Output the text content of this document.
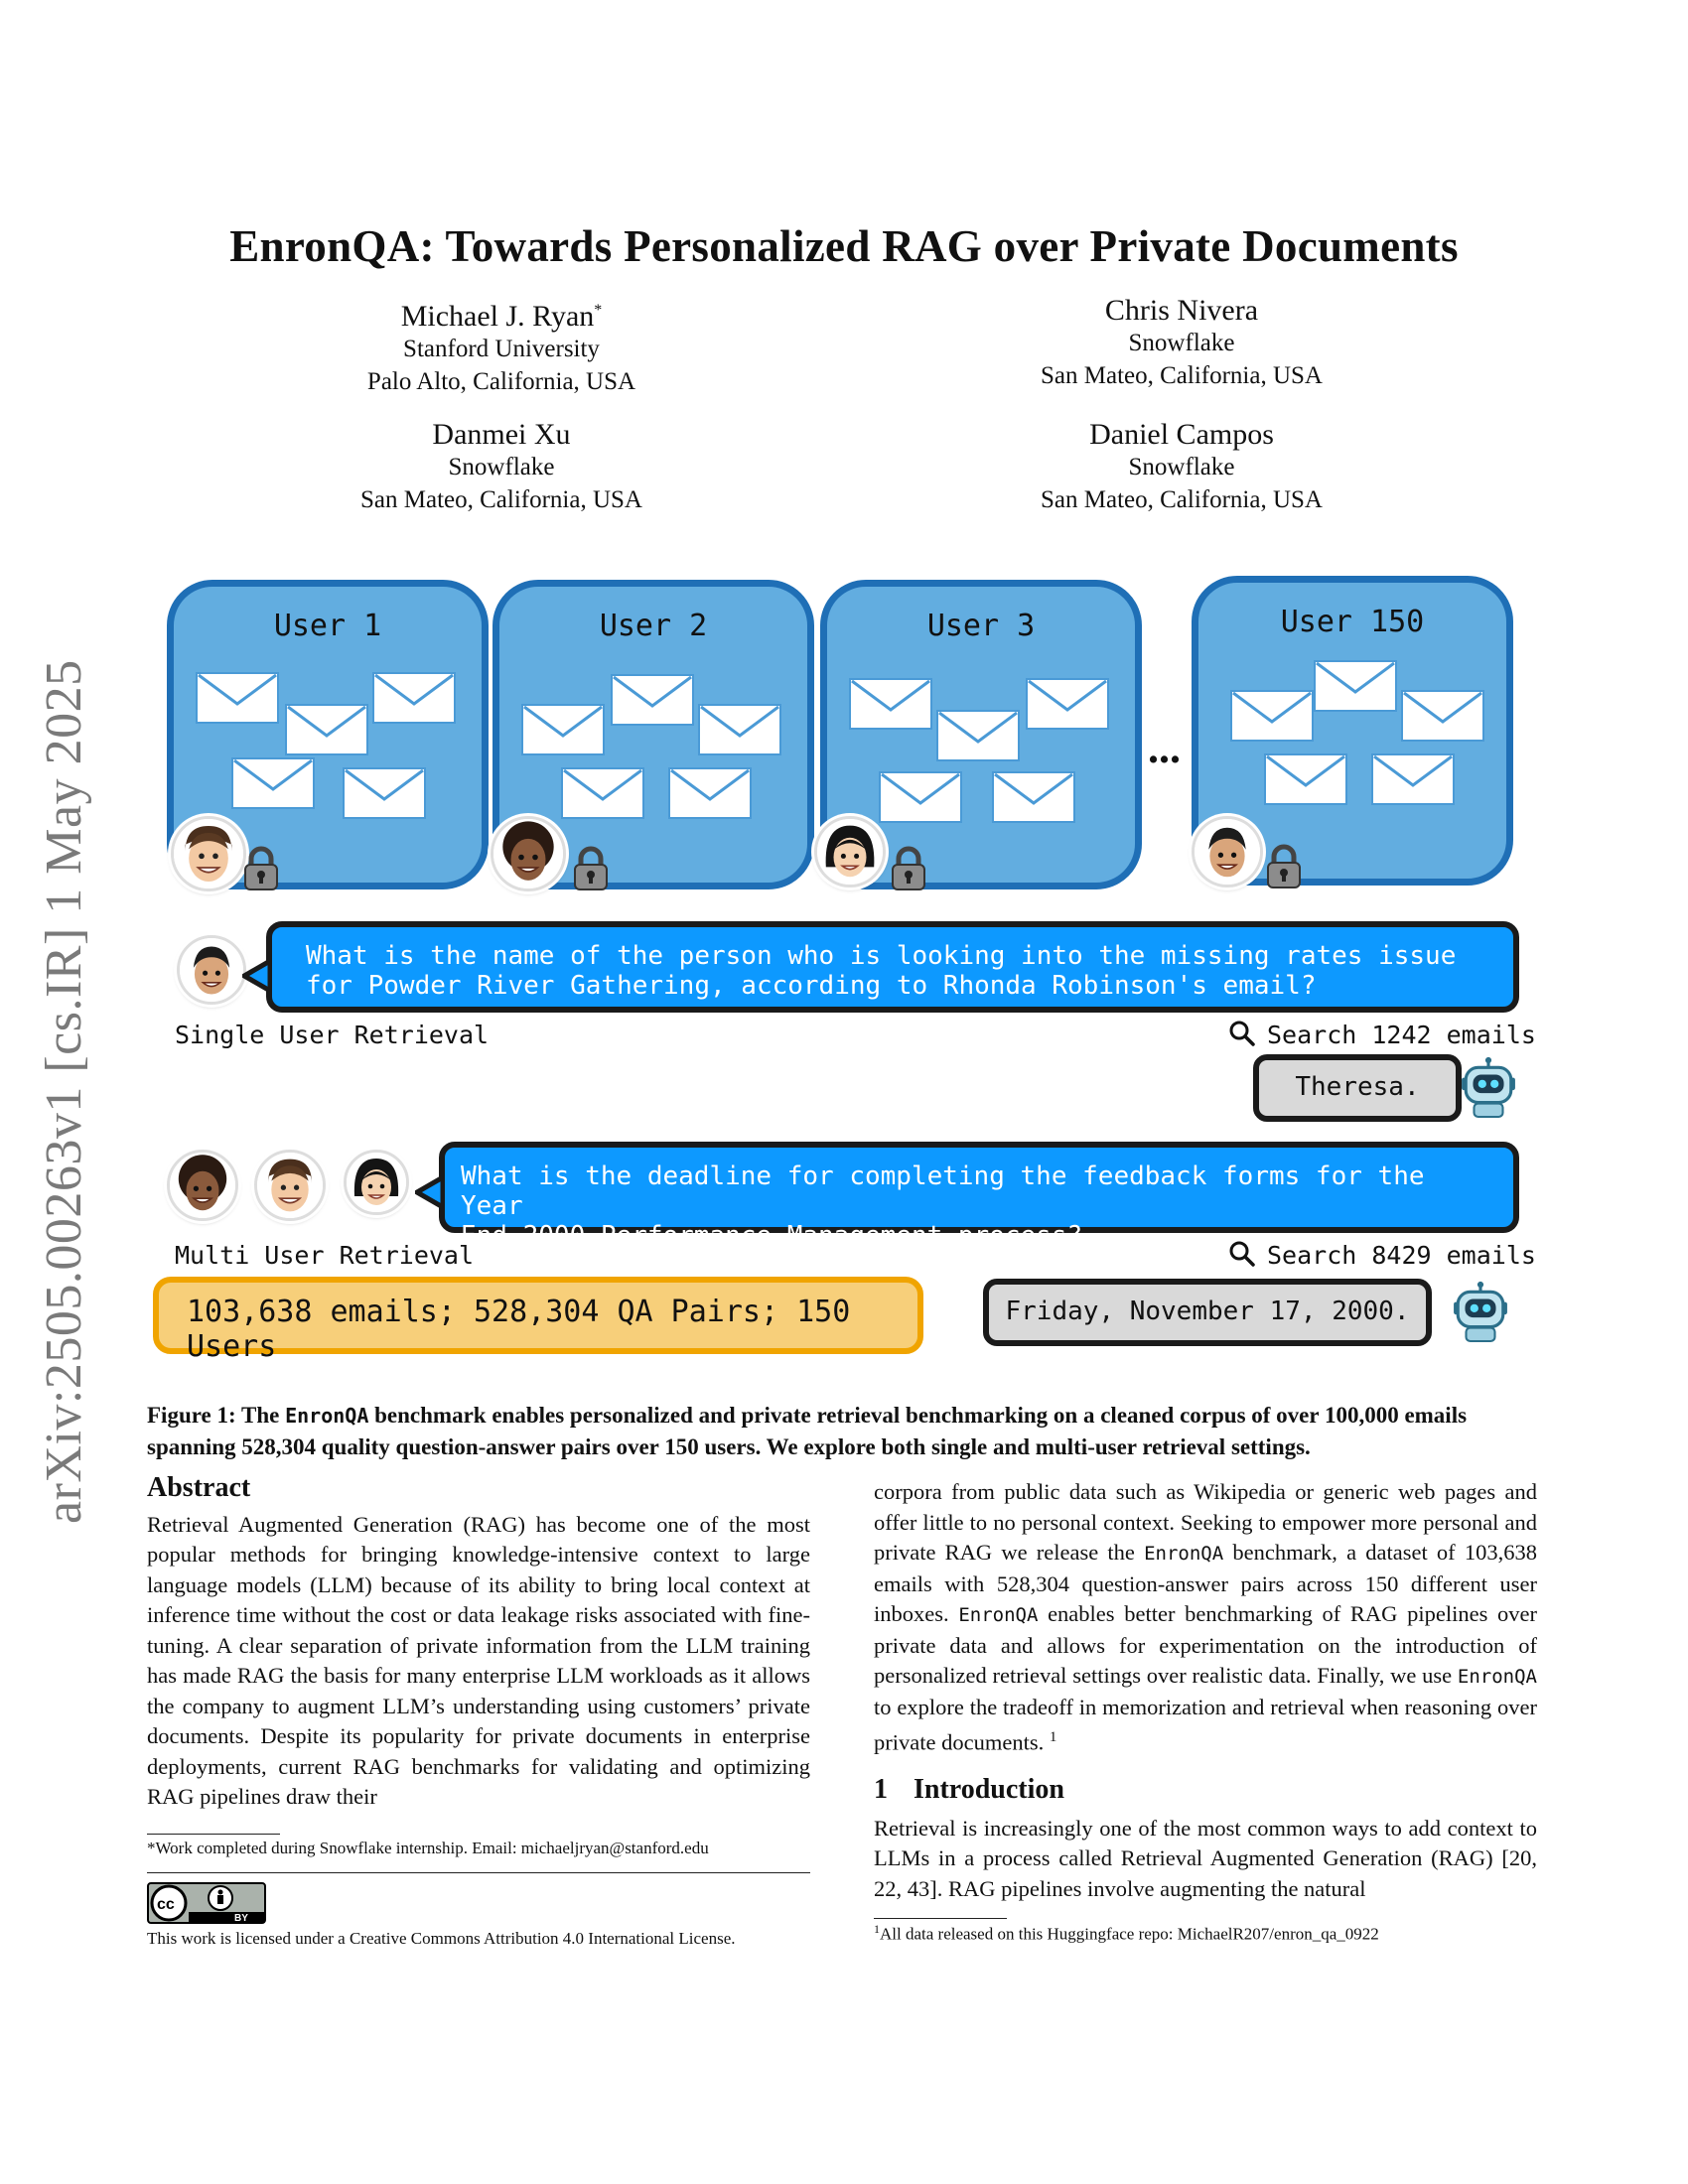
arXiv:2505.00263v1 [cs.IR] 1 May 2025
EnronQA: Towards Personalized RAG over Private Documents
Michael J. Ryan*
Stanford University
Palo Alto, California, USA
Chris Nivera
Snowflake
San Mateo, California, USA
Danmei Xu
Snowflake
San Mateo, California, USA
Daniel Campos
Snowflake
San Mateo, California, USA
User 1	User 2	User 3
...
User 150
What is the name of the person who is looking into the missing rates issue
for Powder River Gathering, according to Rhonda Robinson's email?
Single User Retrieval	Search 1242 emails
Theresa.
What is the deadline for completing the feedback forms for the Year
End 2000 Performance Management process?
Multi User Retrieval	Search 8429 emails
Friday, November 17, 2000.
103,638 emails; 528,304 QA Pairs; 150 Users
Figure 1: The EnronQA benchmark enables personalized and private retrieval benchmarking on a cleaned corpus of over 100,000 emails spanning 528,304 quality question-answer pairs over 150 users. We explore both single and multi-user retrieval settings.
Abstract
Retrieval Augmented Generation (RAG) has become one of the most popular methods for bringing knowledge-intensive context to large language models (LLM) because of its ability to bring local context at inference time without the cost or data leakage risks associated with fine-tuning. A clear separation of private information from the LLM training has made RAG the basis for many enterprise LLM workloads as it allows the company to augment LLM’s understanding using customers’ private documents. Despite its popularity for private documents in enterprise deployments, current RAG benchmarks for validating and optimizing RAG pipelines draw their
*Work completed during Snowflake internship. Email: michaeljryan@stanford.edu
BY
cc
This work is licensed under a Creative Commons Attribution 4.0 International License.
corpora from public data such as Wikipedia or generic web pages and offer little to no personal context. Seeking to empower more personal and private RAG we release the EnronQA benchmark, a dataset of 103,638 emails with 528,304 question-answer pairs across 150 different user inboxes. EnronQA enables better benchmarking of RAG pipelines over private data and allows for experimentation on the introduction of personalized retrieval settings over realistic data. Finally, we use EnronQA to explore the tradeoff in memorization and retrieval when reasoning over private documents. $^1$
1 Introduction
Retrieval is increasingly one of the most common ways to add context to LLMs in a process called Retrieval Augmented Generation (RAG) [20, 22, 43]. RAG pipelines involve augmenting the natural
$^1$All data released on this Huggingface repo: MichaelR207/enron_qa_0922
